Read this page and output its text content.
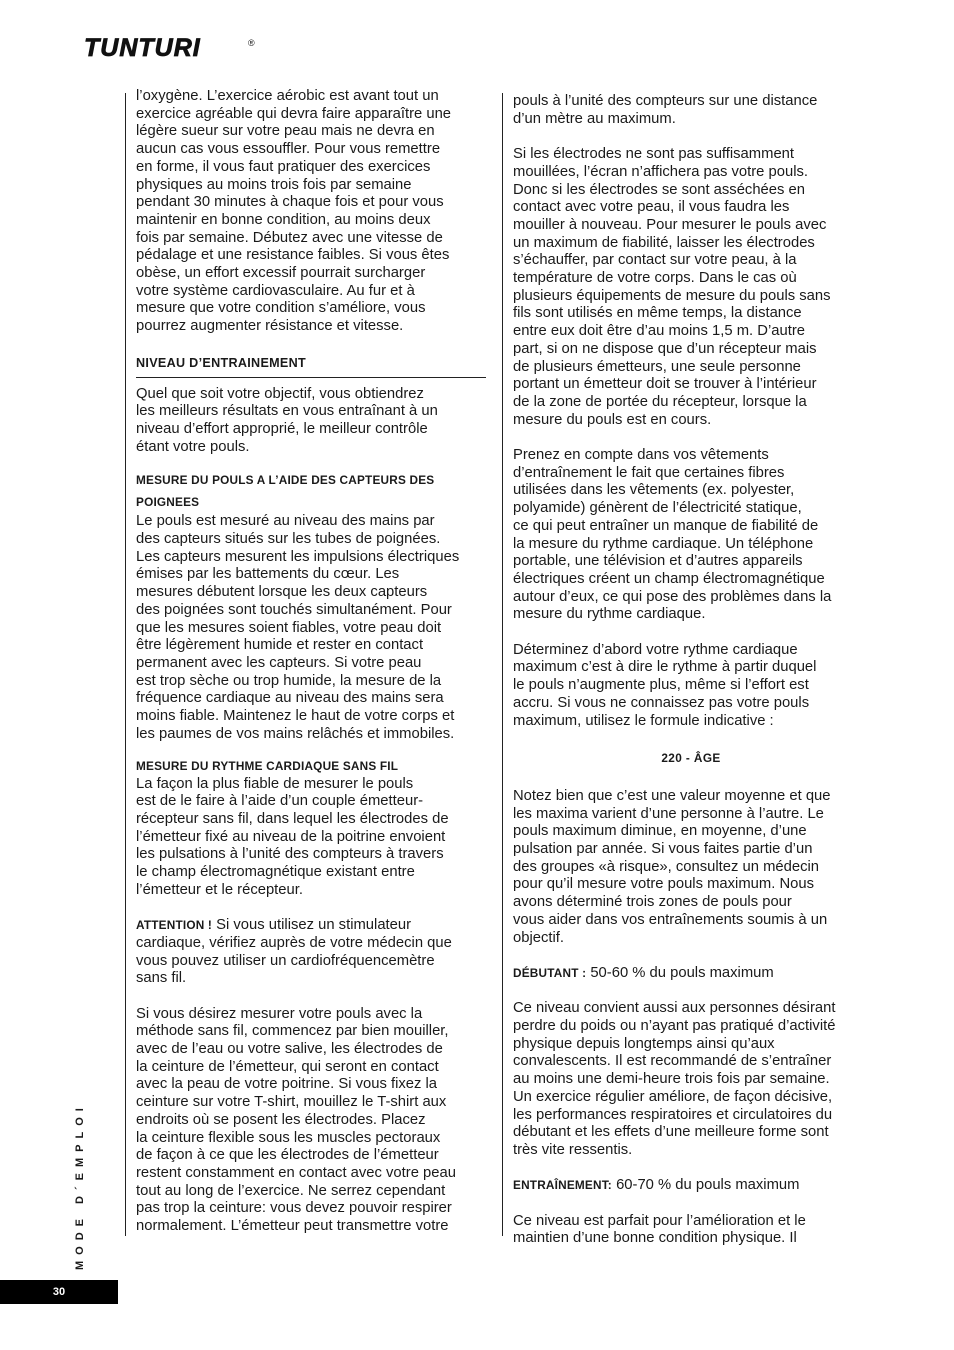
TUNTURI	®

l’oxygène. L’exercice aérobic est avant tout un
exercice agréable qui devra faire apparaître une
légère sueur sur votre peau mais ne devra en
aucun cas vous essouffler. Pour vous remettre
en forme, il vous faut pratiquer des exercices
physiques au moins trois fois par semaine
pendant 30 minutes à chaque fois et pour vous
maintenir en bonne condition, au moins deux
fois par semaine. Débutez avec une vitesse de
pédalage et une resistance faibles. Si vous êtes
obèse, un effort excessif pourrait surcharger
votre système cardiovasculaire. Au fur et à
mesure que votre condition s’améliore, vous
pourrez augmenter résistance et vitesse.

NIVEAU D’ENTRAINEMENT

Quel que soit votre objectif, vous obtiendrez
les meilleurs résultats en vous entraînant à un
niveau d’effort approprié, le meilleur contrôle
étant votre pouls.

MESURE DU POULS A L’AIDE DES CAPTEURS DES
POIGNEES

Le pouls est mesuré au niveau des mains par
des capteurs situés sur les tubes de poignées.
Les capteurs mesurent les impulsions électriques
émises par les battements du cœur. Les
mesures débutent lorsque les deux capteurs
des poignées sont touchés simultanément. Pour
que les mesures soient fiables, votre peau doit
être légèrement humide et rester en contact
permanent avec les capteurs. Si votre peau
est trop sèche ou trop humide, la mesure de la
fréquence cardiaque au niveau des mains sera
moins fiable. Maintenez le haut de votre corps et
les paumes de vos mains relâchés et immobiles.

MESURE DU RYTHME CARDIAQUE SANS FIL

La façon la plus fiable de mesurer le pouls
est de le faire à l’aide d’un couple émetteur-
récepteur sans fil, dans lequel les électrodes de
l’émetteur fixé au niveau de la poitrine envoient
les pulsations à l’unité des compteurs à travers
le champ électromagnétique existant entre
l’émetteur et le récepteur.

ATTENTION ! Si vous utilisez un stimulateur
cardiaque, vérifiez auprès de votre médecin que
vous pouvez utiliser un cardiofréquencemètre
sans fil.

Si vous désirez mesurer votre pouls avec la
méthode sans fil, commencez par bien mouiller,
avec de l’eau ou votre salive, les électrodes de
la ceinture de l’émetteur, qui seront en contact
avec la peau de votre poitrine. Si vous fixez la
ceinture sur votre T-shirt, mouillez le T-shirt aux
endroits où se posent les électrodes. Placez
la ceinture flexible sous les muscles pectoraux
de façon à ce que les électrodes de l’émetteur
restent constamment en contact avec votre peau
tout au long de l’exercice. Ne serrez cependant
pas trop la ceinture: vous devez pouvoir respirer
normalement. L’émetteur peut transmettre votre

pouls à l’unité des compteurs sur une distance
d’un mètre au maximum.

Si les électrodes ne sont pas suffisamment
mouillées, l’écran n’affichera pas votre pouls.
Donc si les électrodes se sont asséchées en
contact avec votre peau, il vous faudra les
mouiller à nouveau. Pour mesurer le pouls avec
un maximum de fiabilité, laisser les électrodes
s’échauffer, par contact sur votre peau, à la
température de votre corps. Dans le cas où
plusieurs équipements de mesure du pouls sans
fils sont utilisés en même temps, la distance
entre eux doit être d’au moins 1,5 m. D’autre
part, si on ne dispose que d’un récepteur mais
de plusieurs émetteurs, une seule personne
portant un émetteur doit se trouver à l’intérieur
de la zone de portée du récepteur, lorsque la
mesure du pouls est en cours.

Prenez en compte dans vos vêtements
d’entraînement le fait que certaines fibres
utilisées dans les vêtements (ex. polyester,
polyamide) génèrent de l’électricité statique,
ce qui peut entraîner un manque de fiabilité de
la mesure du rythme cardiaque. Un téléphone
portable, une télévision et d’autres appareils
électriques créent un champ électromagnétique
autour d’eux, ce qui pose des problèmes dans la
mesure du rythme cardiaque.

Déterminez d’abord votre rythme cardiaque
maximum c’est à dire le rythme à partir duquel
le pouls n’augmente plus, même si l’effort est
accru. Si vous ne connaissez pas votre pouls
maximum, utilisez le formule indicative :

220 - ÂGE

Notez bien que c’est une valeur moyenne et que
les maxima varient d’une personne à l’autre. Le
pouls maximum diminue, en moyenne, d’une
pulsation par année. Si vous faites partie d’un
des groupes «à risque», consultez un médecin
pour qu’il mesure votre pouls maximum. Nous
avons déterminé trois zones de pouls pour
vous aider dans vos entraînements soumis à un
objectif.

DÉBUTANT : 50-60 % du pouls maximum

Ce niveau convient aussi aux personnes désirant
perdre du poids ou n’ayant pas pratiqué d’activité
physique depuis longtemps ainsi qu’aux
convalescents. Il est recommandé de s’entraîner
au moins une demi-heure trois fois par semaine.
Un exercice régulier améliore, de façon décisive,
les performances respiratoires et circulatoires du
débutant et les effets d’une meilleure forme sont
très vite ressentis.

ENTRAÎNEMENT: 60-70 % du pouls maximum

Ce niveau est parfait pour l’amélioration et le
maintien d’une bonne condition physique. Il

MODE D´EMPLOI
30
